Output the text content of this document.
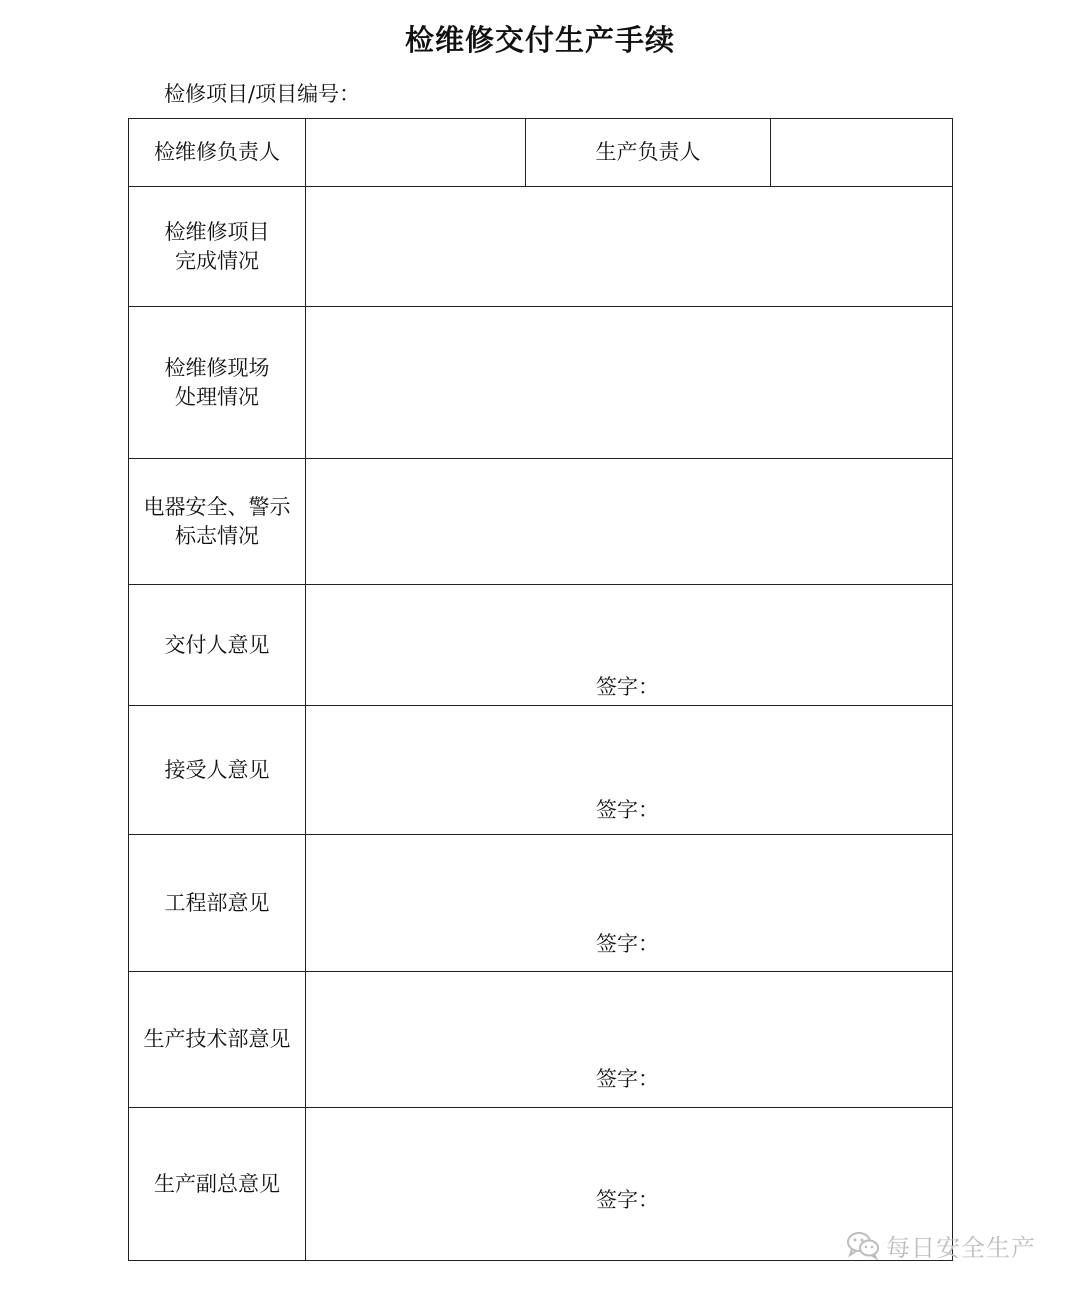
检维修交付生产手续
检修项目/项目编号：
检维修负责人		生产负责人	

检维修项目
完成情况			

检维修现场
处理情况			

电器安全、警示
标志情况			

交付人意见	签字：		

接受人意见	签字：		

工程部意见	签字：		

生产技术部意见	签字：		

生产副总意见	签字：		
每日安全生产
